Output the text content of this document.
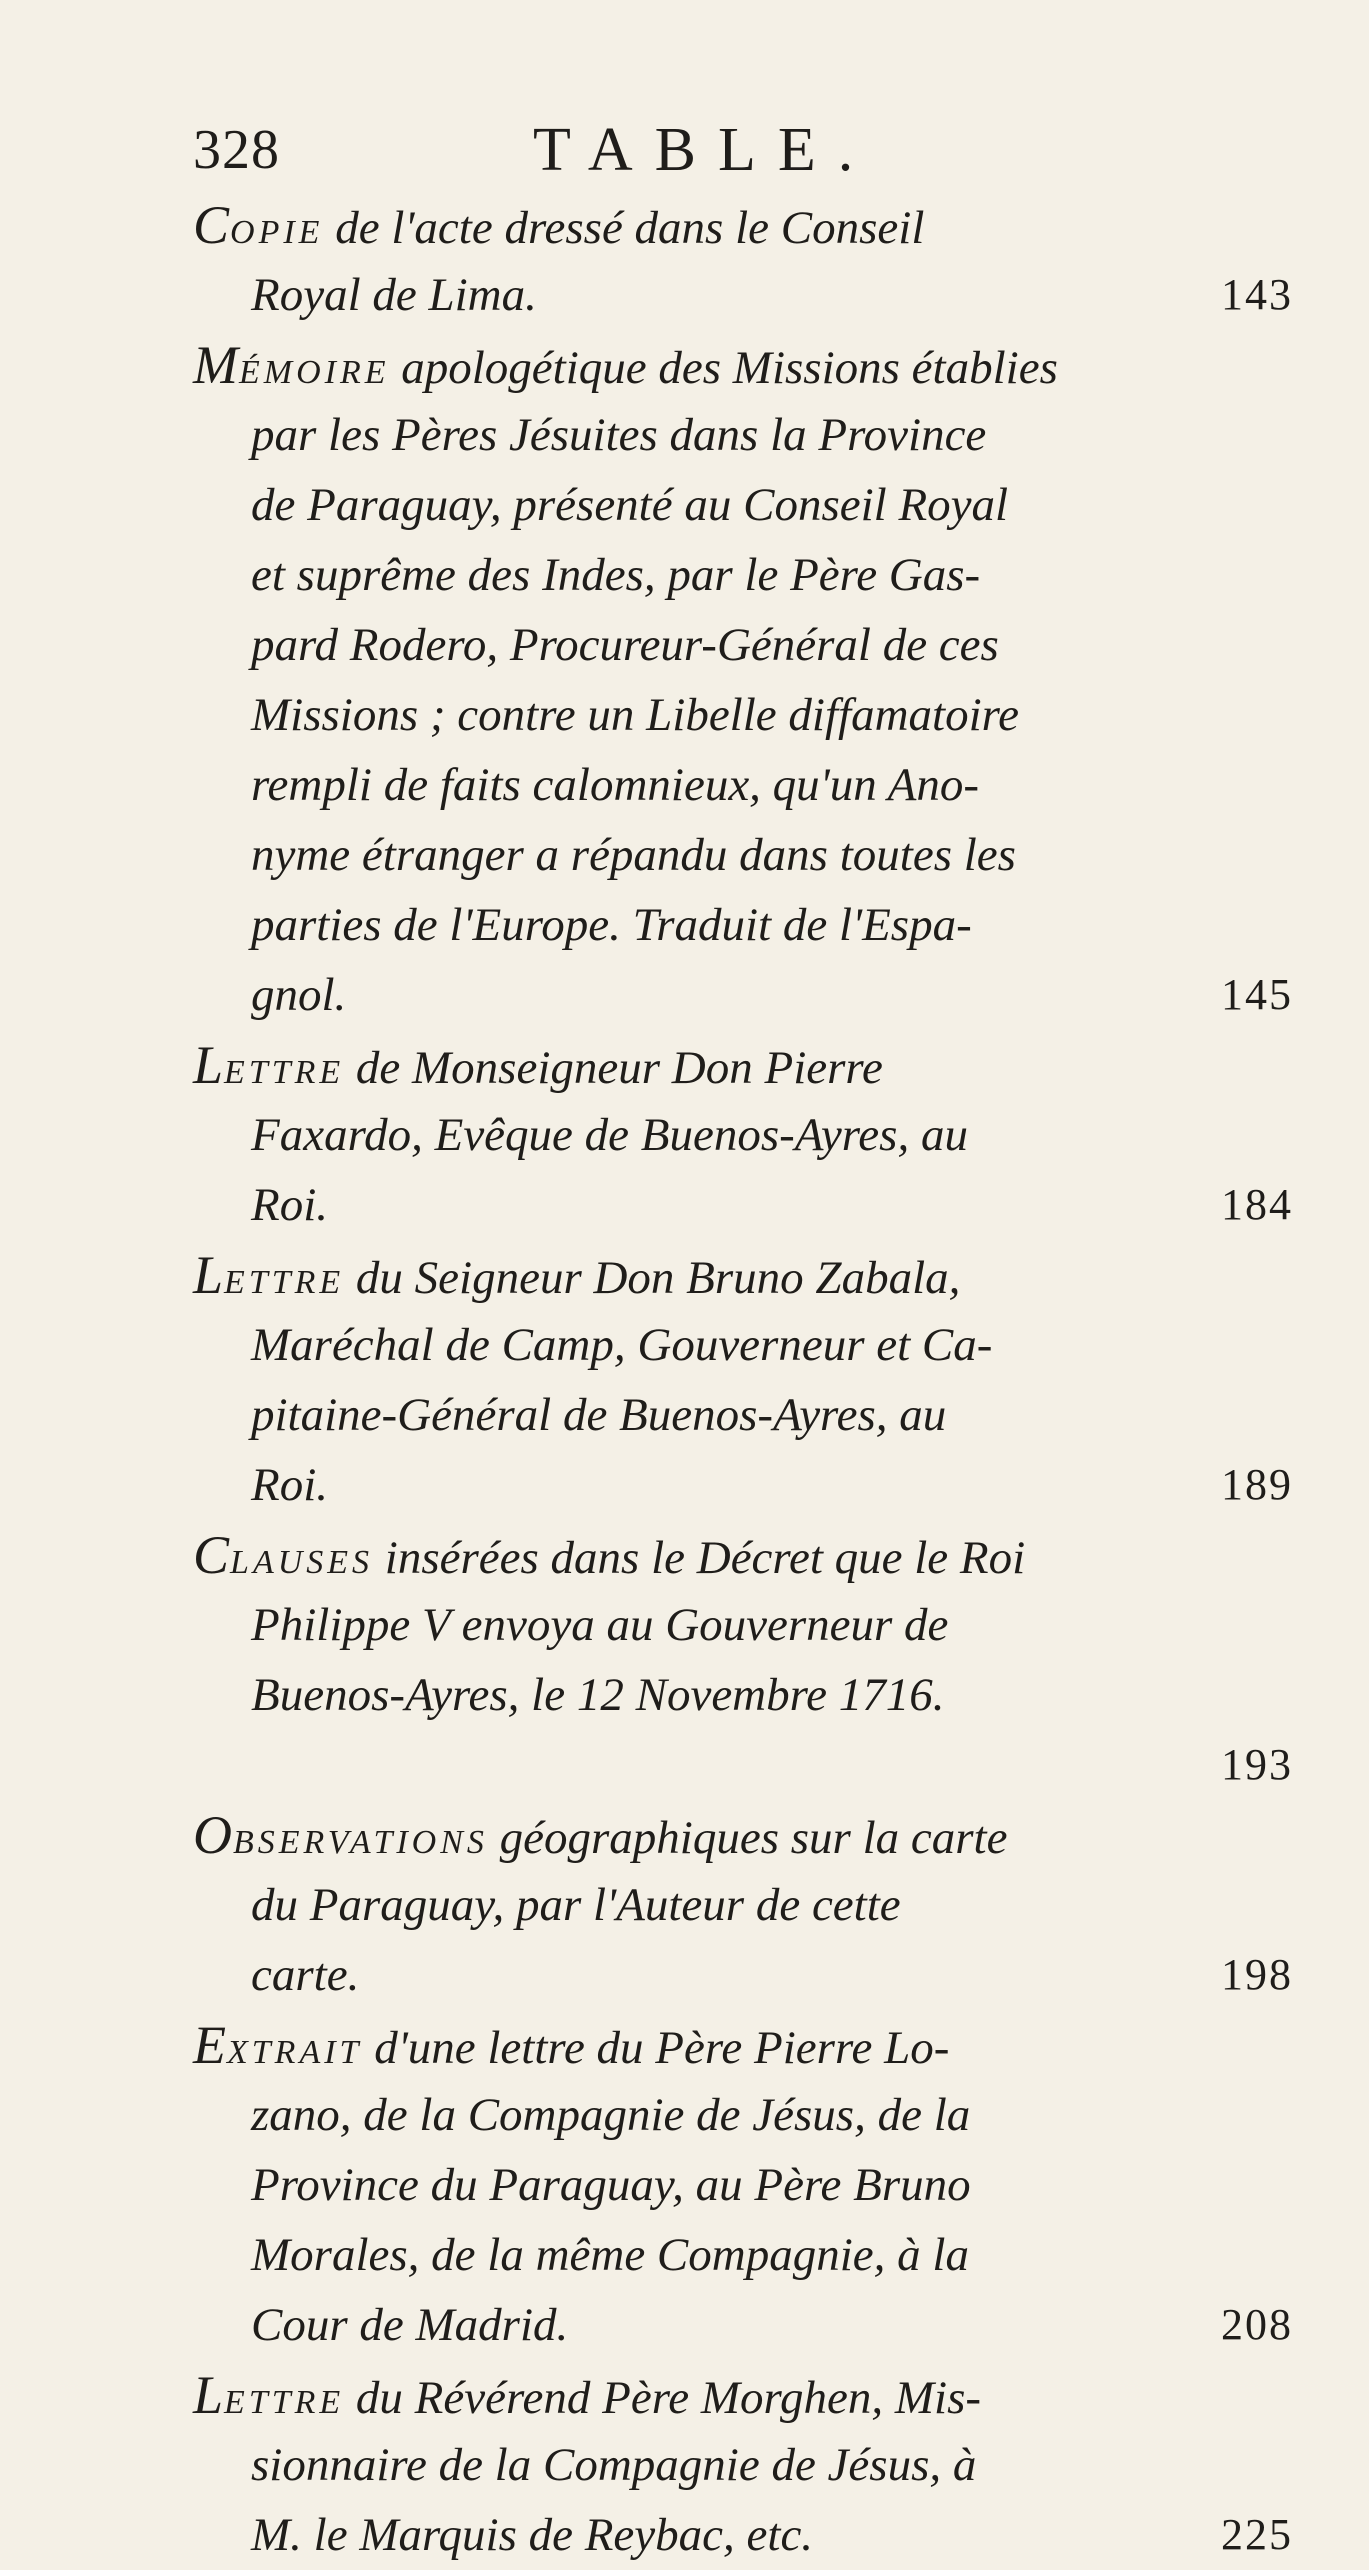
328	TABLE.
COPIE de l'acte dressé dans le Conseil
Royal de Lima.	143
MÉMOIRE apologétique des Missions établies
par les Pères Jésuites dans la Province
de Paraguay, présenté au Conseil Royal
et suprême des Indes, par le Père Gas-
pard Rodero, Procureur-Général de ces
Missions ; contre un Libelle diffamatoire
rempli de faits calomnieux, qu'un Ano-
nyme étranger a répandu dans toutes les
parties de l'Europe. Traduit de l'Espa-
gnol.	145
LETTRE de Monseigneur Don Pierre
Faxardo, Evêque de Buenos-Ayres, au
Roi.	184
LETTRE du Seigneur Don Bruno Zabala,
Maréchal de Camp, Gouverneur et Ca-
pitaine-Général de Buenos-Ayres, au
Roi.	189
CLAUSES insérées dans le Décret que le Roi
Philippe V envoya au Gouverneur de
Buenos-Ayres, le 12 Novembre 1716.
193
OBSERVATIONS géographiques sur la carte
du Paraguay, par l'Auteur de cette
carte.	198
EXTRAIT d'une lettre du Père Pierre Lo-
zano, de la Compagnie de Jésus, de la
Province du Paraguay, au Père Bruno
Morales, de la même Compagnie, à la
Cour de Madrid.	208
LETTRE du Révérend Père Morghen, Mis-
sionnaire de la Compagnie de Jésus, à
M. le Marquis de Reybac, etc.	225
